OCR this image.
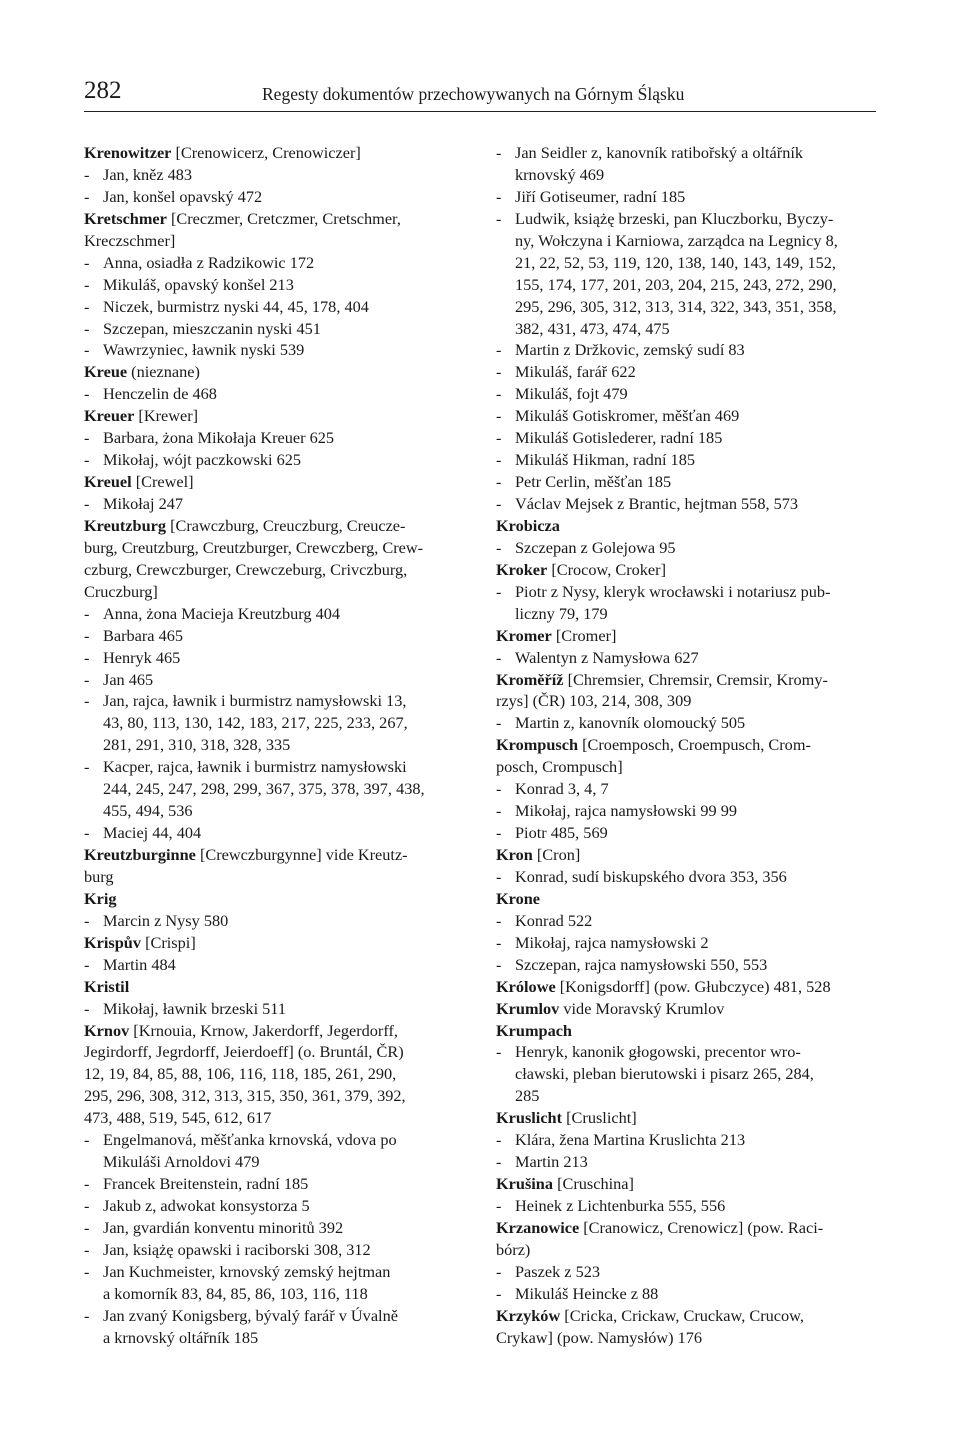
282	Regesty dokumentów przechowywanych na Górnym Śląsku
Krenowitzer [Crenowicerz, Crenowiczer]
- Jan, kněz 483
- Jan, konšel opavský 472
Kretschmer [Creczmer, Cretczmer, Cretschmer,
Kreczschmer]
- Anna, osiadła z Radzikowic 172
- Mikuláš, opavský konšel 213
- Niczek, burmistrz nyski 44, 45, 178, 404
- Szczepan, mieszczanin nyski 451
- Wawrzyniec, ławnik nyski 539
Kreue (nieznane)
- Henczelin de 468
Kreuer [Krewer]
- Barbara, żona Mikołaja Kreuer 625
- Mikołaj, wójt paczkowski 625
Kreuel [Crewel]
- Mikołaj 247
Kreutzburg [Crawczburg, Creuczburg, Creucze-
burg, Creutzburg, Creutzburger, Crewczberg, Crew-
czburg, Crewczburger, Crewczeburg, Crivczburg,
Cruczburg]
- Anna, żona Macieja Kreutzburg 404
- Barbara 465
- Henryk 465
- Jan 465
- Jan, rajca, ławnik i burmistrz namysłowski 13,
43, 80, 113, 130, 142, 183, 217, 225, 233, 267,
281, 291, 310, 318, 328, 335
- Kacper, rajca, ławnik i burmistrz namysłowski
244, 245, 247, 298, 299, 367, 375, 378, 397, 438,
455, 494, 536
- Maciej 44, 404
Kreutzburginne [Crewczburgynne] vide Kreutz-
burg
Krig
- Marcin z Nysy 580
Krispův [Crispi]
- Martin 484
Kristil
- Mikołaj, ławnik brzeski 511
Krnov [Krnouia, Krnow, Jakerdorff, Jegerdorff,
Jegirdorff, Jegrdorff, Jeierdoeff] (o. Bruntál, ČR)
12, 19, 84, 85, 88, 106, 116, 118, 185, 261, 290,
295, 296, 308, 312, 313, 315, 350, 361, 379, 392,
473, 488, 519, 545, 612, 617
- Engelmanová, měšťanka krnovská, vdova po
Mikuláši Arnoldovi 479
- Francek Breitenstein, radní 185
- Jakub z, adwokat konsystorza 5
- Jan, gvardián konventu minoritů 392
- Jan, książę opawski i raciborski 308, 312
- Jan Kuchmeister, krnovský zemský hejtman
a komorník 83, 84, 85, 86, 103, 116, 118
- Jan zvaný Konigsberg, bývalý farář v Úvalně
a krnovský oltářník 185
- Jan Seidler z, kanovník ratibořský a oltářník
krnovský 469
- Jiří Gotiseumer, radní 185
- Ludwik, książę brzeski, pan Kluczborku, Byczy-
ny, Wołczyna i Karniowa, zarządca na Legnicy 8,
21, 22, 52, 53, 119, 120, 138, 140, 143, 149, 152,
155, 174, 177, 201, 203, 204, 215, 243, 272, 290,
295, 296, 305, 312, 313, 314, 322, 343, 351, 358,
382, 431, 473, 474, 475
- Martin z Držkovic, zemský sudí 83
- Mikuláš, farář 622
- Mikuláš, fojt 479
- Mikuláš Gotiskromer, měšťan 469
- Mikuláš Gotislederer, radní 185
- Mikuláš Hikman, radní 185
- Petr Cerlin, měšťan 185
- Václav Mejsek z Brantic, hejtman 558, 573
Krobicza
- Szczepan z Golejowa 95
Kroker [Crocow, Croker]
- Piotr z Nysy, kleryk wrocławski i notariusz pub-
liczny 79, 179
Kromer [Cromer]
- Walentyn z Namysłowa 627
Kroměříž [Chremsier, Chremsir, Cremsir, Kromy-
rzys] (ČR) 103, 214, 308, 309
- Martin z, kanovník olomoucký 505
Krompusch [Croemposch, Croempusch, Crom-
posch, Crompusch]
- Konrad 3, 4, 7
- Mikołaj, rajca namysłowski 99 99
- Piotr 485, 569
Kron [Cron]
- Konrad, sudí biskupského dvora 353, 356
Krone
- Konrad 522
- Mikołaj, rajca namysłowski 2
- Szczepan, rajca namysłowski 550, 553
Królowe [Konigsdorff] (pow. Głubczyce) 481, 528
Krumlov vide Moravský Krumlov
Krumpach
- Henryk, kanonik głogowski, precentor wro-
cławski, pleban bierutowski i pisarz 265, 284,
285
Kruslicht [Cruslicht]
- Klára, žena Martina Kruslichta 213
- Martin 213
Krušina [Cruschina]
- Heinek z Lichtenburka 555, 556
Krzanowice [Cranowicz, Crenowicz] (pow. Raci-
bórz)
- Paszek z 523
- Mikuláš Heincke z 88
Krzyków [Cricka, Crickaw, Cruckaw, Crucow,
Crykaw] (pow. Namysłów) 176
